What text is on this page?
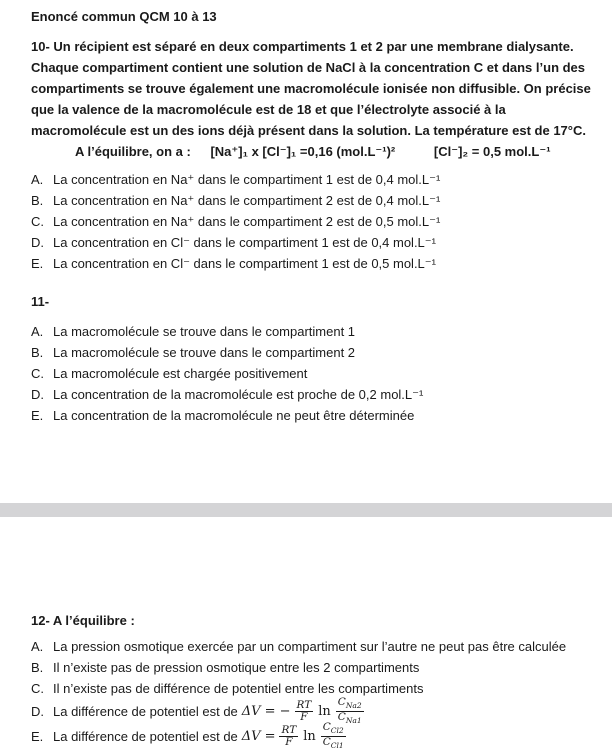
Enoncé commun QCM 10 à 13
10- Un récipient est séparé en deux compartiments 1 et 2 par une membrane dialysante.
Chaque compartiment contient une solution de NaCl à la concentration C et dans l’un des
compartiments se trouve également une macromolécule ionisée non diffusible. On précise
que la valence de la macromolécule est de 18 et que l’électrolyte associé à la
macromolécule est un des ions déjà présent dans la solution. La température est de 17°C.
A l’équilibre, on a : [Na⁺]₁ x [Cl⁻]₁ =0,16 (mol.L⁻¹)²	[Cl⁻]₂ = 0,5 mol.L⁻¹
A. La concentration en Na⁺ dans le compartiment 1 est de 0,4 mol.L⁻¹
B. La concentration en Na⁺ dans le compartiment 2 est de 0,4 mol.L⁻¹
C. La concentration en Na⁺ dans le compartiment 2 est de 0,5 mol.L⁻¹
D. La concentration en Cl⁻ dans le compartiment 1 est de 0,4 mol.L⁻¹
E. La concentration en Cl⁻ dans le compartiment 1 est de 0,5 mol.L⁻¹
11-
A. La macromolécule se trouve dans le compartiment 1
B. La macromolécule se trouve dans le compartiment 2
C. La macromolécule est chargée positivement
D. La concentration de la macromolécule est proche de 0,2 mol.L⁻¹
E. La concentration de la macromolécule ne peut être déterminée
12- A l’équilibre :
A. La pression osmotique exercée par un compartiment sur l’autre ne peut pas être calculée
B. Il n’existe pas de pression osmotique entre les 2 compartiments
C. Il n’existe pas de différence de potentiel entre les compartiments
D. La différence de potentiel est de ΔV = − $\frac{RT}{F}$ $\ln \frac{C_{Na2}}{C_{Na1}}$
E. La différence de potentiel est de $\Delta V = \frac{RT}{F}$ $\ln \frac{C_{Cl2}}{C_{Cl1}}$
